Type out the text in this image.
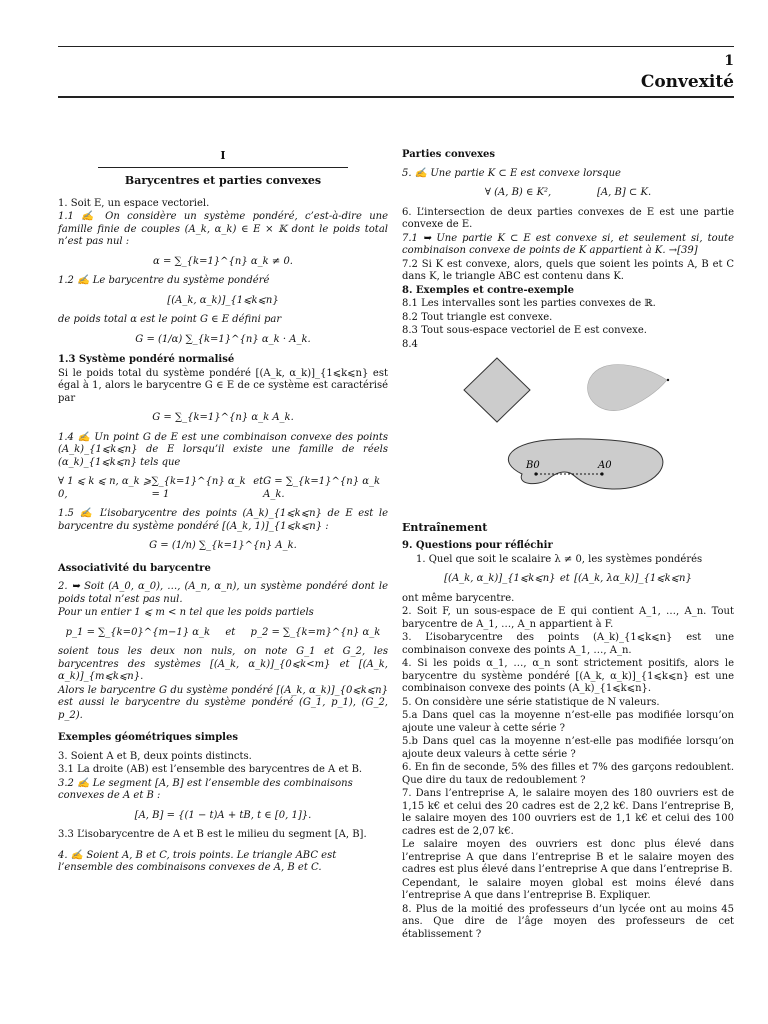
1
Convexité
I
Barycentres et parties convexes

1. Soit E, un espace vectoriel.

1.1 ✍ On considère un système pondéré, c’est-à-dire une famille finie de couples (A_k, α_k) ∈ E × 𝕂 dont le poids total n’est pas nul :

α = ∑_{k=1}^{n} α_k ≠ 0.

1.2 ✍ Le barycentre du système pondéré

[(A_k, α_k)]_{1⩽k⩽n}

de poids total α est le point G ∈ E défini par

G = (1/α) ∑_{k=1}^{n} α_k · A_k.

1.3 Système pondéré normalisé

Si le poids total du système pondéré [(A_k, α_k)]_{1⩽k⩽n} est égal à 1, alors le barycentre G ∈ E de ce système est caractérisé par

G = ∑_{k=1}^{n} α_k A_k.

1.4 ✍ Un point G de E est une combinaison convexe des points (A_k)_{1⩽k⩽n} de E lorsqu’il existe une famille de réels (α_k)_{1⩽k⩽n} tels que

∀ 1 ⩽ k ⩽ n, α_k ⩾ 0,
∑_{k=1}^{n} α_k = 1
et G = ∑_{k=1}^{n} α_k A_k.

1.5 ✍ L’isobarycentre des points (A_k)_{1⩽k⩽n} de E est le barycentre du système pondéré [(A_k, 1)]_{1⩽k⩽n} :

G = (1/n) ∑_{k=1}^{n} A_k.
Associativité du barycentre

2. ➥ Soit (A_0, α_0), …, (A_n, α_n), un système pondéré dont le poids total n’est pas nul.

Pour un entier 1 ⩽ m < n tel que les poids partiels

p_1 = ∑_{k=0}^{m−1} α_k et p_2 = ∑_{k=m}^{n} α_k

soient tous les deux non nuls, on note G_1 et G_2, les barycentres des systèmes [(A_k, α_k)]_{0⩽k<m} et [(A_k, α_k)]_{m⩽k⩽n}.

Alors le barycentre G du système pondéré [(A_k, α_k)]_{0⩽k⩽n} est aussi le barycentre du système pondéré (G_1, p_1), (G_2, p_2).

Exemples géométriques simples

3. Soient A et B, deux points distincts.

3.1 La droite (AB) est l’ensemble des barycentres de A et B.

3.2 ✍ Le segment [A, B] est l’ensemble des combinaisons convexes de A et B :

[A, B] = {(1 − t)A + tB, t ∈ [0, 1]}.

3.3 L’isobarycentre de A et B est le milieu du segment [A, B].

4. ✍ Soient A, B et C, trois points. Le triangle ABC est l’ensemble des combinaisons convexes de A, B et C.

Parties convexes

5. ✍ Une partie K ⊂ E est convexe lorsque

∀ (A, B) ∈ K²,	[A, B] ⊂ K.

6. L’intersection de deux parties convexes de E est une partie convexe de E.

7.1 ➥ Une partie K ⊂ E est convexe si, et seulement si, toute combinaison convexe de points de K appartient à K. →[39]

7.2 Si K est convexe, alors, quels que soient les points A, B et C dans K, le triangle ABC est contenu dans K.

8. Exemples et contre-exemple

8.1 Les intervalles sont les parties convexes de ℝ.

8.2 Tout triangle est convexe.

8.3 Tout sous-espace vectoriel de E est convexe.

8.4

B0	A0
Entraînement

9. Questions pour réfléchir

1. Quel que soit le scalaire λ ≠ 0, les systèmes pondérés

[(A_k, α_k)]_{1⩽k⩽n} et [(A_k, λα_k)]_{1⩽k⩽n}

ont même barycentre.

2. Soit F, un sous-espace de E qui contient A_1, …, A_n. Tout barycentre de A_1, …, A_n appartient à F.

3. L’isobarycentre des points (A_k)_{1⩽k⩽n} est une combinaison convexe des points A_1, …, A_n.

4. Si les poids α_1, …, α_n sont strictement positifs, alors le barycentre du système pondéré [(A_k, α_k)]_{1⩽k⩽n} est une combinaison convexe des points (A_k)_{1⩽k⩽n}.

5. On considère une série statistique de N valeurs.

5.a Dans quel cas la moyenne n’est-elle pas modifiée lorsqu’on ajoute une valeur à cette série ?

5.b Dans quel cas la moyenne n’est-elle pas modifiée lorsqu’on ajoute deux valeurs à cette série ?

6. En fin de seconde, 5% des filles et 7% des garçons redoublent. Que dire du taux de redoublement ?

7. Dans l’entreprise A, le salaire moyen des 180 ouvriers est de 1,15 k€ et celui des 20 cadres est de 2,2 k€. Dans l’entreprise B, le salaire moyen des 100 ouvriers est de 1,1 k€ et celui des 100 cadres est de 2,07 k€.

Le salaire moyen des ouvriers est donc plus élevé dans l’entreprise A que dans l’entreprise B et le salaire moyen des cadres est plus élevé dans l’entreprise A que dans l’entreprise B.

Cependant, le salaire moyen global est moins élevé dans l’entreprise A que dans l’entreprise B. Expliquer.

8. Plus de la moitié des professeurs d’un lycée ont au moins 45 ans. Que dire de l’âge moyen des professeurs de cet établissement ?
